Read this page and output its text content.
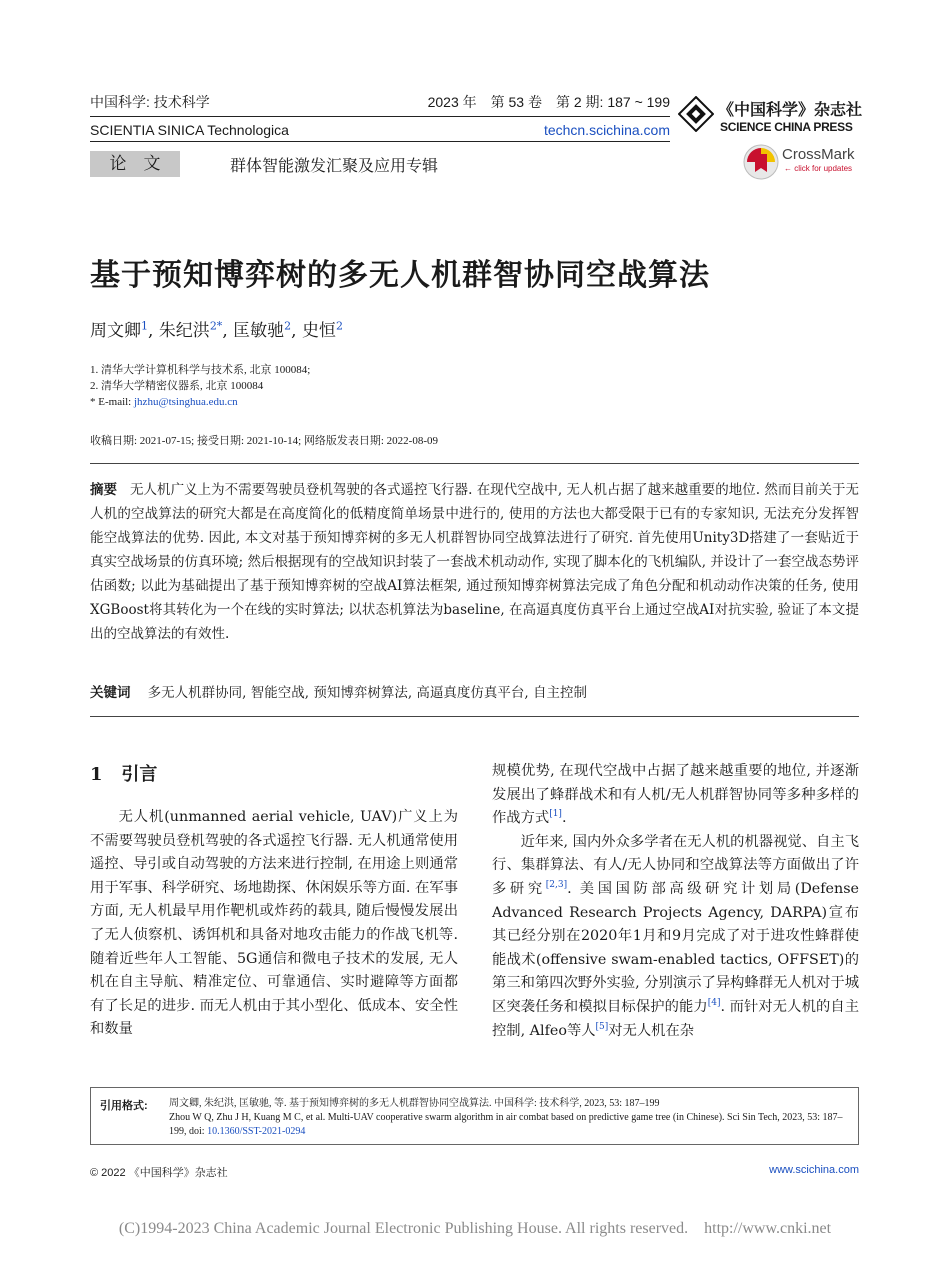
中国科学: 技术科学	2023 年　第 53 卷　第 2 期: 187 ~ 199
SCIENTIA SINICA Technologica	techcn.scichina.com
《中国科学》杂志社
SCIENCE CHINA PRESS
CrossMark
← click for updates
论　文	群体智能激发汇聚及应用专辑
基于预知博弈树的多无人机群智协同空战算法
周文卿$^1$, 朱纪洪$^{2*}$, 匡敏驰$^2$, 史恒$^2$
1. 清华大学计算机科学与技术系, 北京 100084;
2. 清华大学精密仪器系, 北京 100084
* E-mail: jhzhu@tsinghua.edu.cn
收稿日期: 2021-07-15; 接受日期: 2021-10-14; 网络版发表日期: 2022-08-09
摘要 无人机广义上为不需要驾驶员登机驾驶的各式遥控飞行器. 在现代空战中, 无人机占据了越来越重要的地位. 然而目前关于无人机的空战算法的研究大都是在高度简化的低精度简单场景中进行的, 使用的方法也大都受限于已有的专家知识, 无法充分发挥智能空战算法的优势. 因此, 本文对基于预知博弈树的多无人机群智协同空战算法进行了研究. 首先使用Unity3D搭建了一套贴近于真实空战场景的仿真环境; 然后根据现有的空战知识封装了一套战术机动动作, 实现了脚本化的飞机编队, 并设计了一套空战态势评估函数; 以此为基础提出了基于预知博弈树的空战AI算法框架, 通过预知博弈树算法完成了角色分配和机动动作决策的任务, 使用XGBoost将其转化为一个在线的实时算法; 以状态机算法为baseline, 在高逼真度仿真平台上通过空战AI对抗实验, 验证了本文提出的空战算法的有效性.
关键词 多无人机群协同, 智能空战, 预知博弈树算法, 高逼真度仿真平台, 自主控制
1 引言

无人机(unmanned aerial vehicle, UAV)广义上为不需要驾驶员登机驾驶的各式遥控飞行器. 无人机通常使用遥控、导引或自动驾驶的方法来进行控制, 在用途上则通常用于军事、科学研究、场地勘探、休闲娱乐等方面. 在军事方面, 无人机最早用作靶机或炸药的载具, 随后慢慢发展出了无人侦察机、诱饵机和具备对地攻击能力的作战飞机等. 随着近些年人工智能、5G通信和微电子技术的发展, 无人机在自主导航、精准定位、可靠通信、实时避障等方面都有了长足的进步. 而无人机由于其小型化、低成本、安全性和数量

规模优势, 在现代空战中占据了越来越重要的地位, 并逐渐发展出了蜂群战术和有人机/无人机群智协同等多种多样的作战方式[1].

近年来, 国内外众多学者在无人机的机器视觉、自主飞行、集群算法、有人/无人协同和空战算法等方面做出了许多研究[2,3]. 美国国防部高级研究计划局(Defense Advanced Research Projects Agency, DARPA)宣布其已经分别在2020年1月和9月完成了对于进攻性蜂群使能战术(offensive swam-enabled tactics, OFFSET)的第三和第四次野外实验, 分别演示了异构蜂群无人机对于城区突袭任务和模拟目标保护的能力[4]. 而针对无人机的自主控制, Alfeo等人[5]对无人机在杂

引用格式: 周文卿, 朱纪洪, 匡敏驰, 等. 基于预知博弈树的多无人机群智协同空战算法. 中国科学: 技术科学, 2023, 53: 187–199
Zhou W Q, Zhu J H, Kuang M C, et al. Multi-UAV cooperative swarm algorithm in air combat based on predictive game tree (in Chinese). Sci Sin Tech, 2023, 53: 187–199, doi: 10.1360/SST-2021-0294
© 2022 《中国科学》杂志社	www.scichina.com
(C)1994-2023 China Academic Journal Electronic Publishing House. All rights reserved.    http://www.cnki.net
